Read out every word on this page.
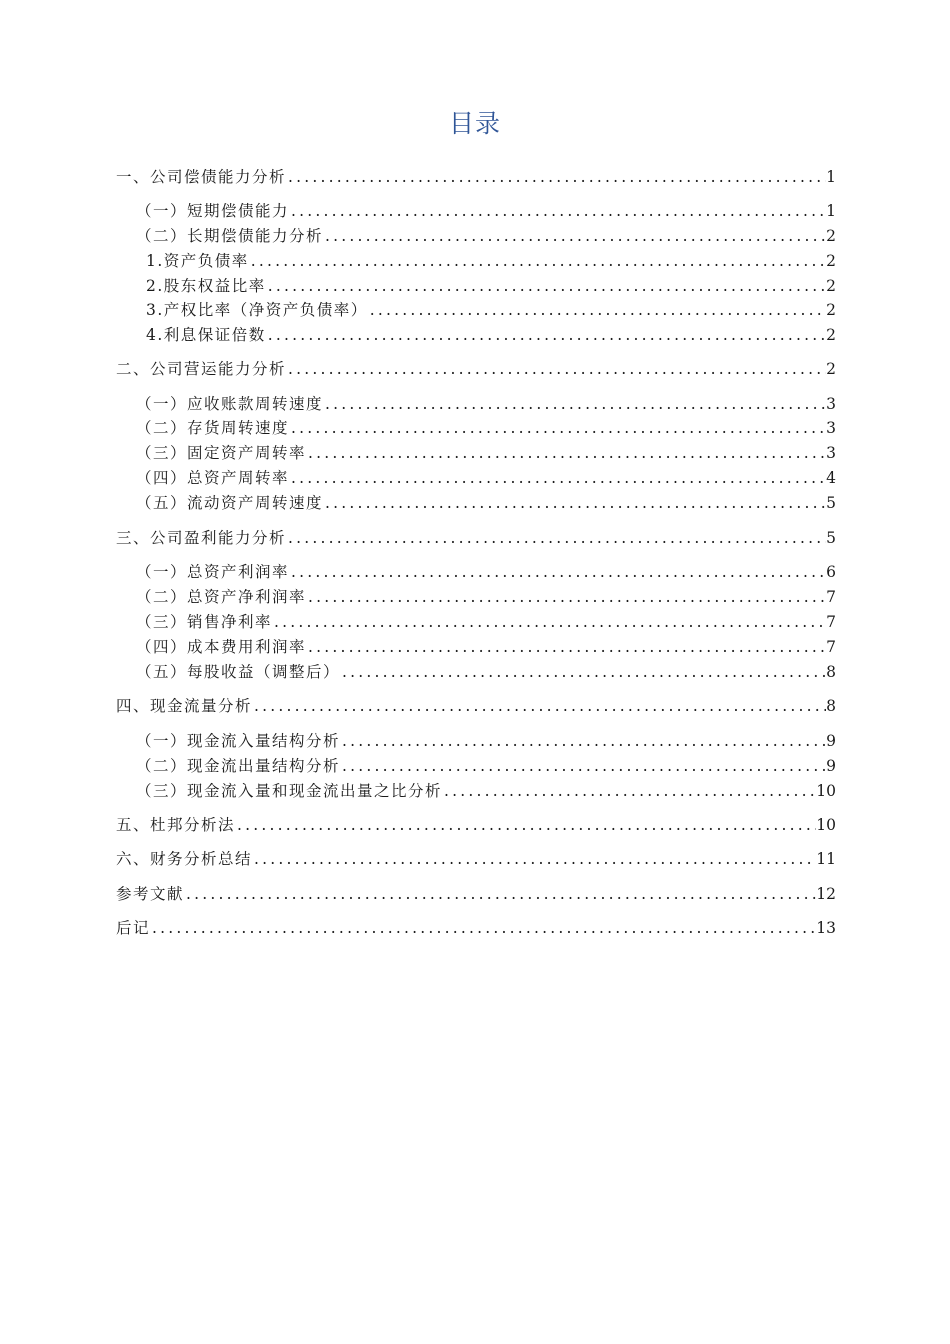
目录
一、公司偿债能力分析 .....	1
（一）短期偿债能力 .....	1
（二）长期偿债能力分析 .....	2
1.资产负债率 .....	2
2.股东权益比率 .....	2
3.产权比率（净资产负债率） .....	2
4.利息保证倍数 .....	2
二、公司营运能力分析 .....	2
（一）应收账款周转速度 .....	3
（二）存货周转速度 .....	3
（三）固定资产周转率 .....	3
（四）总资产周转率 .....	4
（五）流动资产周转速度 .....	5
三、公司盈利能力分析 .....	5
（一）总资产利润率 .....	6
（二）总资产净利润率 .....	7
（三）销售净利率 .....	7
（四）成本费用利润率 .....	7
（五）每股收益（调整后） .....	8
四、现金流量分析 .....	8
（一）现金流入量结构分析 .....	9
（二）现金流出量结构分析 .....	9
（三）现金流入量和现金流出量之比分析 .....	10
五、杜邦分析法 .....	10
六、财务分析总结 .....	11
参考文献 .....	12
后记 .....	13
